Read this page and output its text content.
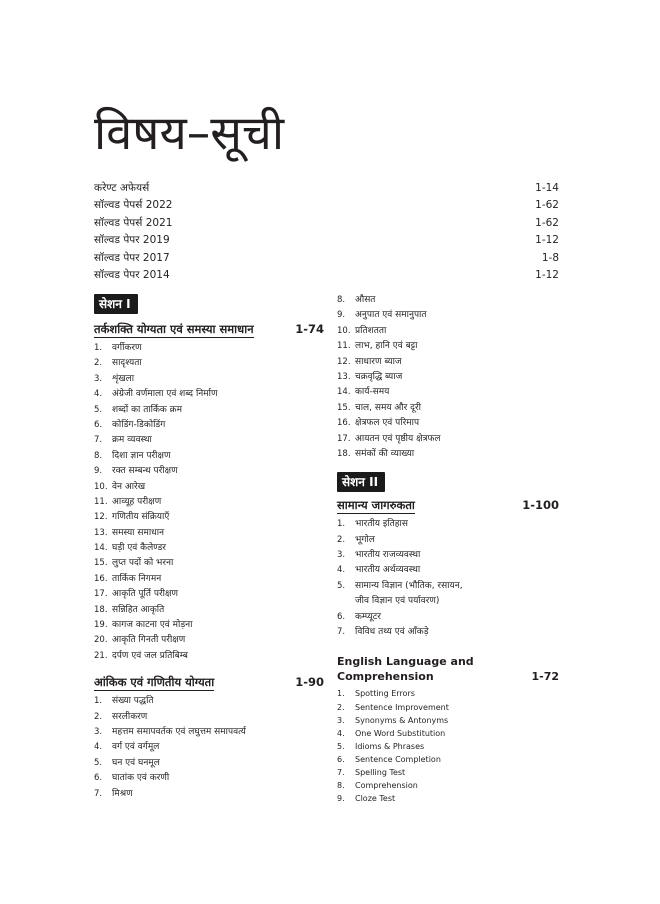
विषय–सूची
करेण्ट अफेयर्स	1-14
सॉल्वड पेपर्स 2022	1-62
सॉल्वड पेपर्स 2021	1-62
सॉल्वड पेपर 2019	1-12
सॉल्वड पेपर 2017	1-8
सॉल्वड पेपर 2014	1-12
सेशन I
तर्कशक्ति योग्यता एवं समस्या समाधान	1-74
1.	वर्गीकरण
2.	सादृश्यता
3.	शृंखला
4.	अंग्रेजी वर्णमाला एवं शब्द निर्माण
5.	शब्दों का तार्किक क्रम
6.	कोडिंग-डिकोडिंग
7.	क्रम व्यवस्था
8.	दिशा ज्ञान परीक्षण
9.	रक्त सम्बन्ध परीक्षण
10. वेन आरेख
11. आव्यूह परीक्षण
12. गणितीय संक्रियाएँ
13. समस्या समाधान
14. घड़ी एवं कैलेण्डर
15. लुप्त पदों को भरना
16. तार्किक निगमन
17. आकृति पूर्ति परीक्षण
18. सन्निहित आकृति
19. कागज काटना एवं मोड़ना
20. आकृति गिनती परीक्षण
21. दर्पण एवं जल प्रतिबिम्ब
आंकिक एवं गणितीय योग्यता	1-90
1.	संख्या पद्धति
2.	सरलीकरण
3.	महत्तम समापवर्तक एवं लघुत्तम समापवर्त्य
4.	वर्ग एवं वर्गमूल
5.	घन एवं घनमूल
6.	घातांक एवं करणी
7.	मिश्रण
8.	औसत
9.	अनुपात एवं समानुपात
10. प्रतिशतता
11. लाभ, हानि एवं बट्टा
12. साधारण ब्याज
13. चक्रवृद्धि ब्याज
14. कार्य-समय
15. चाल, समय और दूरी
16. क्षेत्रफल एवं परिमाप
17. आयतन एवं पृष्ठीय क्षेत्रफल
18. समंकों की व्याख्या
सेशन II
सामान्य जागरुकता	1-100
1.	भारतीय इतिहास
2.	भूगोल
3.	भारतीय राजव्यवस्था
4.	भारतीय अर्थव्यवस्था
5.	सामान्य विज्ञान (भौतिक, रसायन,
जीव विज्ञान एवं पर्यावरण)
6.	कम्प्यूटर
7.	विविध तथ्य एवं आँकड़े
English Language and
Comprehension	1-72
1.	Spotting Errors
2.	Sentence Improvement
3.	Synonyms & Antonyms
4.	One Word Substitution
5.	Idioms & Phrases
6.	Sentence Completion
7.	Spelling Test
8.	Comprehension
9.	Cloze Test
